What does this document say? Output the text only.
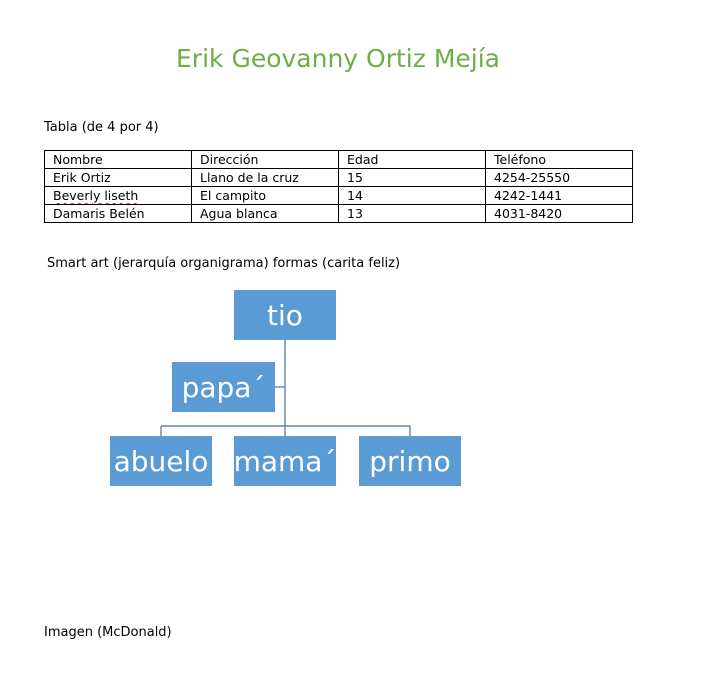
Erik Geovanny Ortiz Mejía
Tabla (de 4 por 4)
Nombre	Dirección	Edad	Teléfono
Erik Ortiz	Llano de la cruz	15	4254-25550
Beverly liseth	El campito	14	4242-1441
Damaris Belén	Agua blanca	13	4031-8420
Smart art (jerarquía organigrama) formas (carita feliz)
tio
papa´
abuelo mama´	primo
Imagen (McDonald)
